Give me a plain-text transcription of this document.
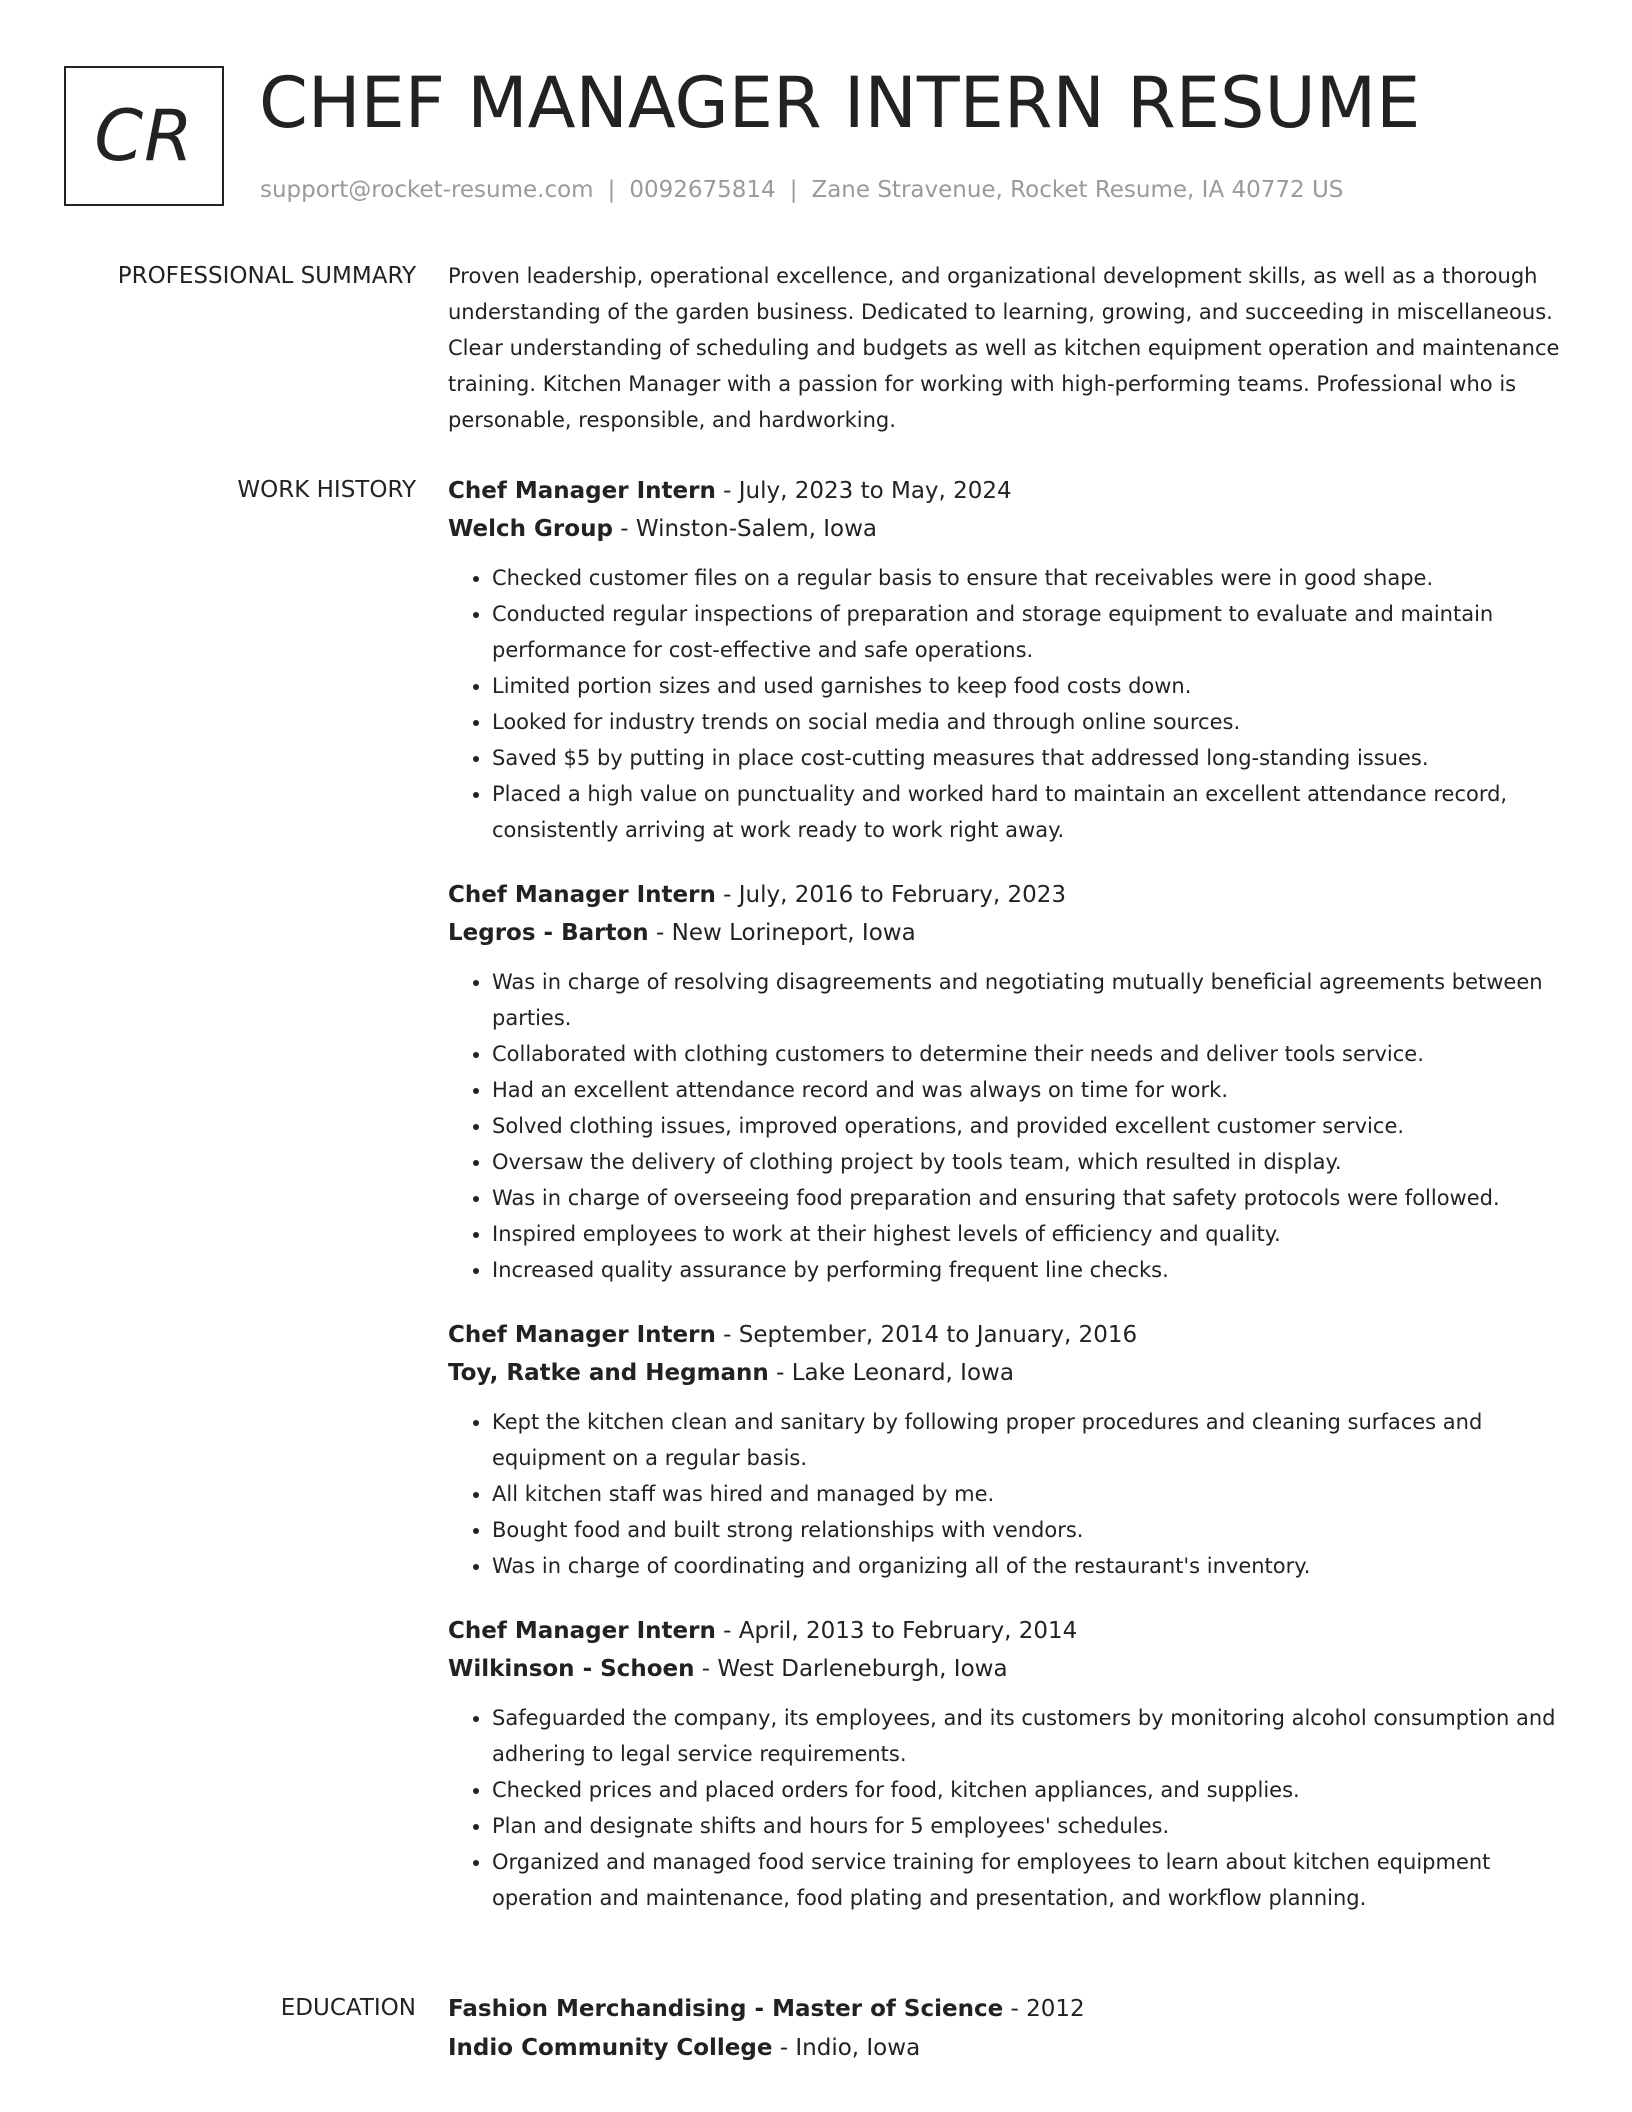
CR CHEF MANAGER INTERN RESUME
support@rocket-resume.com | 0092675814 | Zane Stravenue, Rocket Resume, IA 40772 US
PROFESSIONAL SUMMARY Proven leadership, operational excellence, and organizational development skills, as well as a thorough understanding of the garden business. Dedicated to learning, growing, and succeeding in miscellaneous. Clear understanding of scheduling and budgets as well as kitchen equipment operation and maintenance training. Kitchen Manager with a passion for working with high-performing teams. Professional who is personable, responsible, and hardworking.

WORK HISTORY Chef Manager Intern - July, 2023 to May, 2024
Welch Group - Winston-Salem, Iowa
• Checked customer files on a regular basis to ensure that receivables were in good shape.
• Conducted regular inspections of preparation and storage equipment to evaluate and maintain performance for cost-effective and safe operations.
• Limited portion sizes and used garnishes to keep food costs down.
• Looked for industry trends on social media and through online sources.
• Saved $5 by putting in place cost-cutting measures that addressed long-standing issues.
• Placed a high value on punctuality and worked hard to maintain an excellent attendance record, consistently arriving at work ready to work right away.
Chef Manager Intern - July, 2016 to February, 2023
Legros - Barton - New Lorineport, Iowa
• Was in charge of resolving disagreements and negotiating mutually beneficial agreements between parties.
• Collaborated with clothing customers to determine their needs and deliver tools service.
• Had an excellent attendance record and was always on time for work.
• Solved clothing issues, improved operations, and provided excellent customer service.
• Oversaw the delivery of clothing project by tools team, which resulted in display.
• Was in charge of overseeing food preparation and ensuring that safety protocols were followed.
• Inspired employees to work at their highest levels of efficiency and quality.
• Increased quality assurance by performing frequent line checks.
Chef Manager Intern - September, 2014 to January, 2016
Toy, Ratke and Hegmann - Lake Leonard, Iowa
• Kept the kitchen clean and sanitary by following proper procedures and cleaning surfaces and equipment on a regular basis.
• All kitchen staff was hired and managed by me.
• Bought food and built strong relationships with vendors.
• Was in charge of coordinating and organizing all of the restaurant's inventory.
Chef Manager Intern - April, 2013 to February, 2014
Wilkinson - Schoen - West Darleneburgh, Iowa
• Safeguarded the company, its employees, and its customers by monitoring alcohol consumption and adhering to legal service requirements.
• Checked prices and placed orders for food, kitchen appliances, and supplies.
• Plan and designate shifts and hours for 5 employees' schedules.
• Organized and managed food service training for employees to learn about kitchen equipment operation and maintenance, food plating and presentation, and workflow planning.
EDUCATION Fashion Merchandising - Master of Science - 2012
Indio Community College - Indio, Iowa
